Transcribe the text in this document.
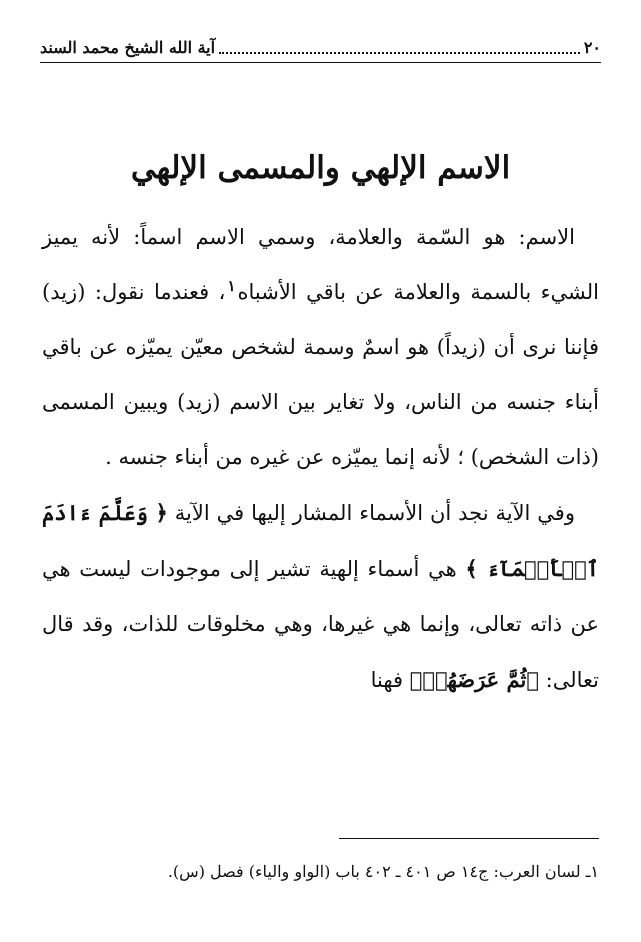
٢٠
آية الله الشيخ محمد السند
الاسم الإلهي والمسمى الإلهي

الاسم: هو السّمة والعلامة، وسمي الاسم اسماً: لأنه يميز الشيء بالسمة والعلامة عن باقي الأشباه$^١$، فعندما نقول: (زيد) فإننا نرى أن (زيداً) هو اسمٌ وسمة لشخص معيّن يميّزه عن باقي أبناء جنسه من الناس، ولا تغاير بين الاسم (زيد) ويبين المسمى (ذات الشخص) ؛ لأنه إنما يميّزه عن غيره من أبناء جنسه .

وفي الآية نجد أن الأسماء المشار إليها في الآية ﴿ وَعَلَّمَ ءَادَمَ ٱلۡأَسۡمَآءَ ﴾ هي أسماء إلهية تشير إلى موجودات ليست هي عن ذاته تعالى، وإنما هي غيرها، وهي مخلوقات للذات، وقد قال تعالى: ﴿ثُمَّ عَرَضَهُمۡ﴾ فهنا

١ـ لسان العرب: ج١٤ ص ٤٠١ ـ ٤٠٢ باب (الواو والياء) فصل (س).
